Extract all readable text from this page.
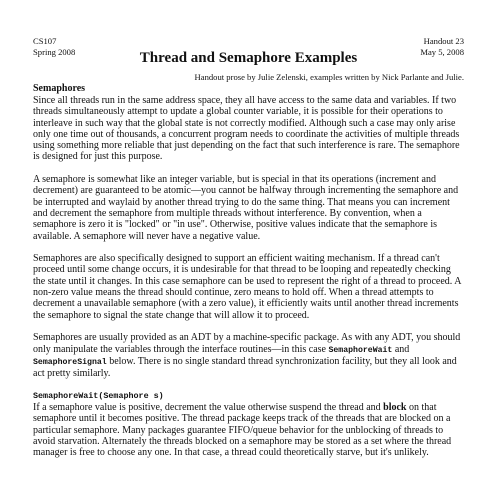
CS107
Spring 2008
Handout 23
May 5, 2008
Thread and Semaphore Examples
Handout prose by Julie Zelenski, examples written by Nick Parlante and Julie.
Semaphores

Since all threads run in the same address space, they all have access to the same data and variables. If two threads simultaneously attempt to update a global counter variable, it is possible for their operations to interleave in such way that the global state is not correctly modified. Although such a case may only arise only one time out of thousands, a concurrent program needs to coordinate the activities of multiple threads using something more reliable that just depending on the fact that such interference is rare. The semaphore is designed for just this purpose.

A semaphore is somewhat like an integer variable, but is special in that its operations (increment and decrement) are guaranteed to be atomic—you cannot be halfway through incrementing the semaphore and be interrupted and waylaid by another thread trying to do the same thing. That means you can increment and decrement the semaphore from multiple threads without interference. By convention, when a semaphore is zero it is "locked" or "in use". Otherwise, positive values indicate that the semaphore is available. A semaphore will never have a negative value.

Semaphores are also specifically designed to support an efficient waiting mechanism. If a thread can't proceed until some change occurs, it is undesirable for that thread to be looping and repeatedly checking the state until it changes. In this case semaphore can be used to represent the right of a thread to proceed. A non-zero value means the thread should continue, zero means to hold off. When a thread attempts to decrement a unavailable semaphore (with a zero value), it efficiently waits until another thread increments the semaphore to signal the state change that will allow it to proceed.

Semaphores are usually provided as an ADT by a machine-specific package. As with any ADT, you should only manipulate the variables through the interface routines—in this case SemaphoreWait and SemaphoreSignal below. There is no single standard thread synchronization facility, but they all look and act pretty similarly.

SemaphoreWait(Semaphore s)

If a semaphore value is positive, decrement the value otherwise suspend the thread and block on that semaphore until it becomes positive. The thread package keeps track of the threads that are blocked on a particular semaphore. Many packages guarantee FIFO/queue behavior for the unblocking of threads to avoid starvation. Alternately the threads blocked on a semaphore may be stored as a set where the thread manager is free to choose any one. In that case, a thread could theoretically starve, but it's unlikely.
